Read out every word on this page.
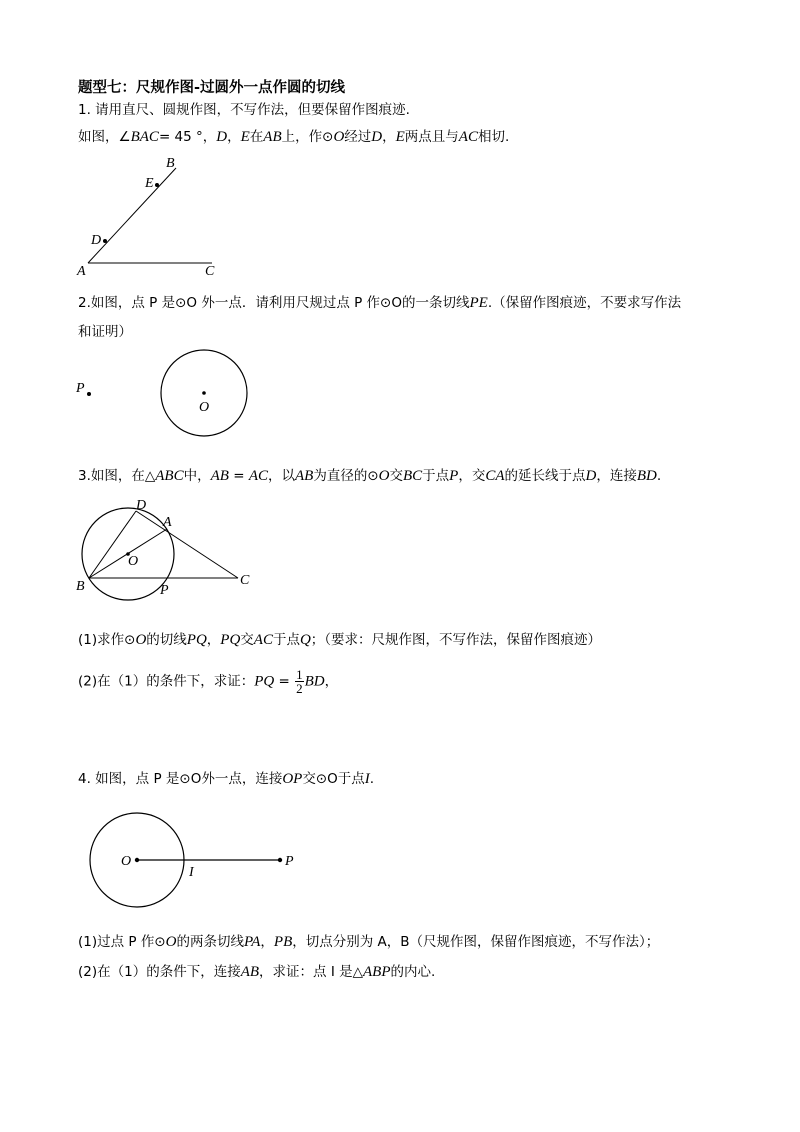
题型七：尺规作图-过圆外一点作圆的切线
1. 请用直尺、圆规作图，不写作法，但要保留作图痕迹.
如图，∠BAC= 45 °，D，E在AB上，作⊙O经过D，E两点且与AC相切.
B
E
D
A	C
2.如图，点 P 是⊙O 外一点．请利用尺规过点 P 作⊙O的一条切线PE.（保留作图痕迹，不要求写作法
和证明）
O
P
3.如图，在△ABC中，AB = AC，以AB为直径的⊙O交BC于点P，交CA的延长线于点D，连接BD.
D
A
O
B	P
C
(1)求作⊙O的切线PQ，PQ交AC于点Q；（要求：尺规作图，不写作法，保留作图痕迹）
(2)在（1）的条件下，求证：PQ = $\frac{1}{2}$ BD，
4. 如图，点 P 是⊙O外一点，连接OP交⊙O于点I.
O
I
P
(1)过点 P 作⊙O的两条切线PA，PB，切点分别为 A，B（尺规作图，保留作图痕迹，不写作法）；
(2)在（1）的条件下，连接AB，求证：点 I 是△ABP的内心.
